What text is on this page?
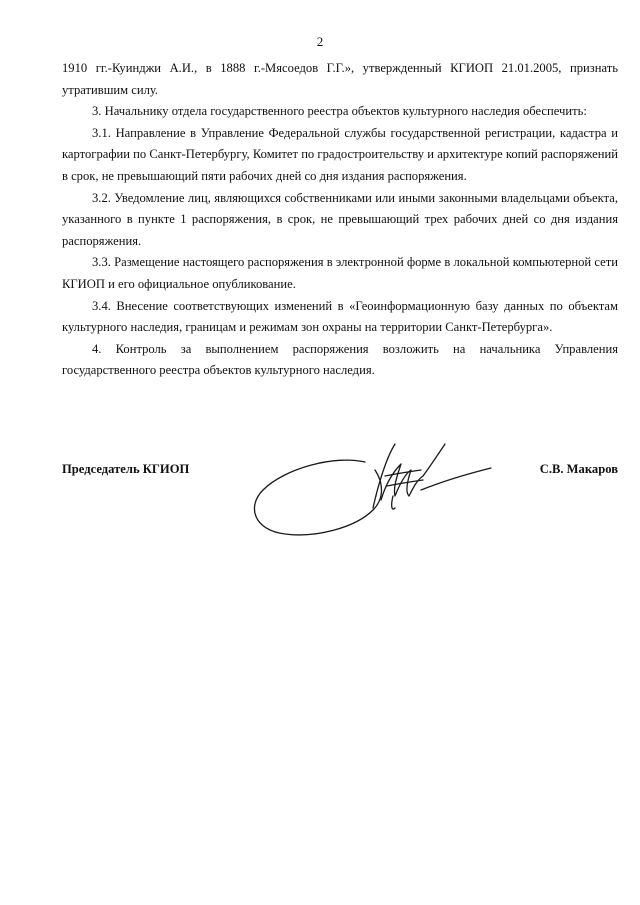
2

1910 гг.-Куинджи А.И., в 1888 г.-Мясоедов Г.Г.», утвержденный КГИОП 21.01.2005, признать утратившим силу.

3. Начальнику отдела государственного реестра объектов культурного наследия обеспечить:

3.1. Направление в Управление Федеральной службы государственной регистрации, кадастра и картографии по Санкт-Петербургу, Комитет по градостроительству и архитектуре копий распоряжений в срок, не превышающий пяти рабочих дней со дня издания распоряжения.

3.2. Уведомление лиц, являющихся собственниками или иными законными владельцами объекта, указанного в пункте 1 распоряжения, в срок, не превышающий трех рабочих дней со дня издания распоряжения.

3.3. Размещение настоящего распоряжения в электронной форме в локальной компьютерной сети КГИОП и его официальное опубликование.

3.4. Внесение соответствующих изменений в «Геоинформационную базу данных по объектам культурного наследия, границам и режимам зон охраны на территории Санкт-Петербурга».

4. Контроль за выполнением распоряжения возложить на начальника Управления государственного реестра объектов культурного наследия.

Председатель КГИОП	С.В. Макаров
